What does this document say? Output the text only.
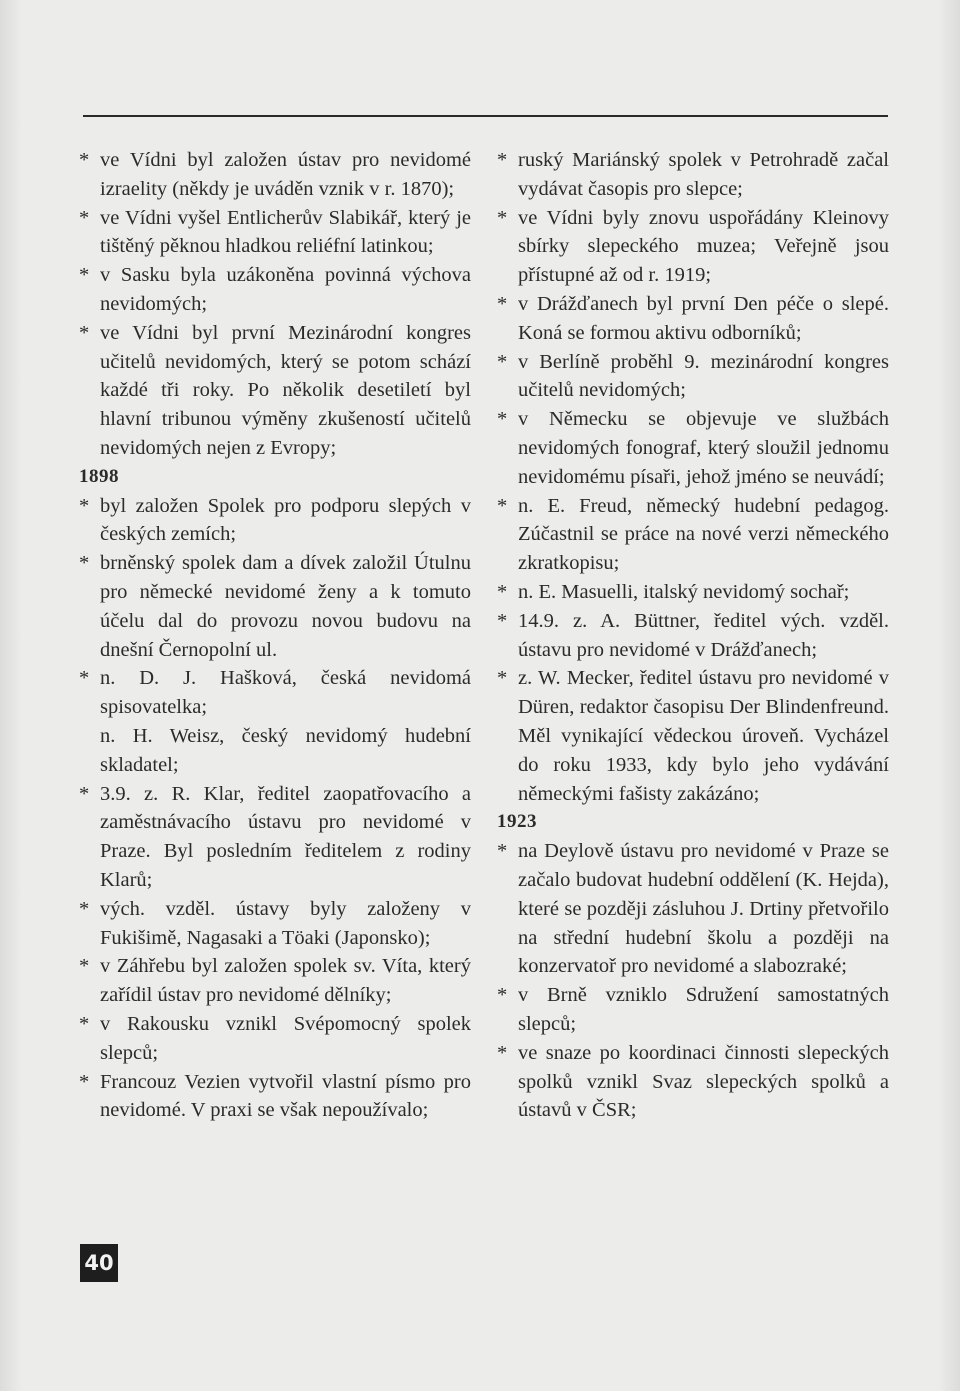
* ve Vídni byl založen ústav pro nevidomé izraelity (někdy je uváděn vznik v r. 1870);

* ve Vídni vyšel Entlicherův Slabikář, který je tištěný pěknou hladkou reliéfní latinkou;

* v Sasku byla uzákoněna povinná výchova nevidomých;

* ve Vídni byl první Mezinárodní kongres učitelů nevidomých, který se potom schází každé tři roky. Po několik desetiletí byl hlavní tribunou výměny zkušeností učitelů nevidomých nejen z Evropy;

1898

* byl založen Spolek pro podporu slepých v českých zemích;

* brněnský spolek dam a dívek založil Útulnu pro německé nevidomé ženy a k tomuto účelu dal do provozu novou budovu na dnešní Černopolní ul.

* n. D. J. Hašková, česká nevidomá spisovatelka;

n. H. Weisz, český nevidomý hudební skladatel;

* 3.9. z. R. Klar, ředitel zaopatřovacího a zaměstnávacího ústavu pro nevidomé v Praze. Byl posledním ředitelem z rodiny Klarů;

* vých. vzděl. ústavy byly založeny v Fukišimě, Nagasaki a Töaki (Japonsko);

* v Záhřebu byl založen spolek sv. Víta, který zařídil ústav pro nevidomé dělníky;

* v Rakousku vznikl Svépomocný spolek slepců;

* Francouz Vezien vytvořil vlastní písmo pro nevidomé. V praxi se však nepoužívalo;

* ruský Mariánský spolek v Petrohradě začal vydávat časopis pro slepce;

* ve Vídni byly znovu uspořádány Kleinovy sbírky slepeckého muzea; Veřejně jsou přístupné až od r. 1919;

* v Drážďanech byl první Den péče o slepé. Koná se formou aktivu odborníků;

* v Berlíně proběhl 9. mezinárodní kongres učitelů nevidomých;

* v Německu se objevuje ve službách nevidomých fonograf, který sloužil jednomu nevidomému písaři, jehož jméno se neuvádí;

* n. E. Freud, německý hudební pedagog. Zúčastnil se práce na nové verzi německého zkratkopisu;

* n. E. Masuelli, italský nevidomý sochař;

* 14.9. z. A. Büttner, ředitel vých. vzděl. ústavu pro nevidomé v Drážďanech;

* z. W. Mecker, ředitel ústavu pro nevidomé v Düren, redaktor časopisu Der Blindenfreund. Měl vynikající vědeckou úroveň. Vycházel do roku 1933, kdy bylo jeho vydávání německými fašisty zakázáno;

1923

* na Deylově ústavu pro nevidomé v Praze se začalo budovat hudební oddělení (K. Hejda), které se později zásluhou J. Drtiny přetvořilo na střední hudební školu a později na konzervatoř pro nevidomé a slabozraké;

* v Brně vzniklo Sdružení samostatných slepců;

* ve snaze po koordinaci činnosti slepeckých spolků vznikl Svaz slepeckých spolků a ústavů v ČSR;

40
